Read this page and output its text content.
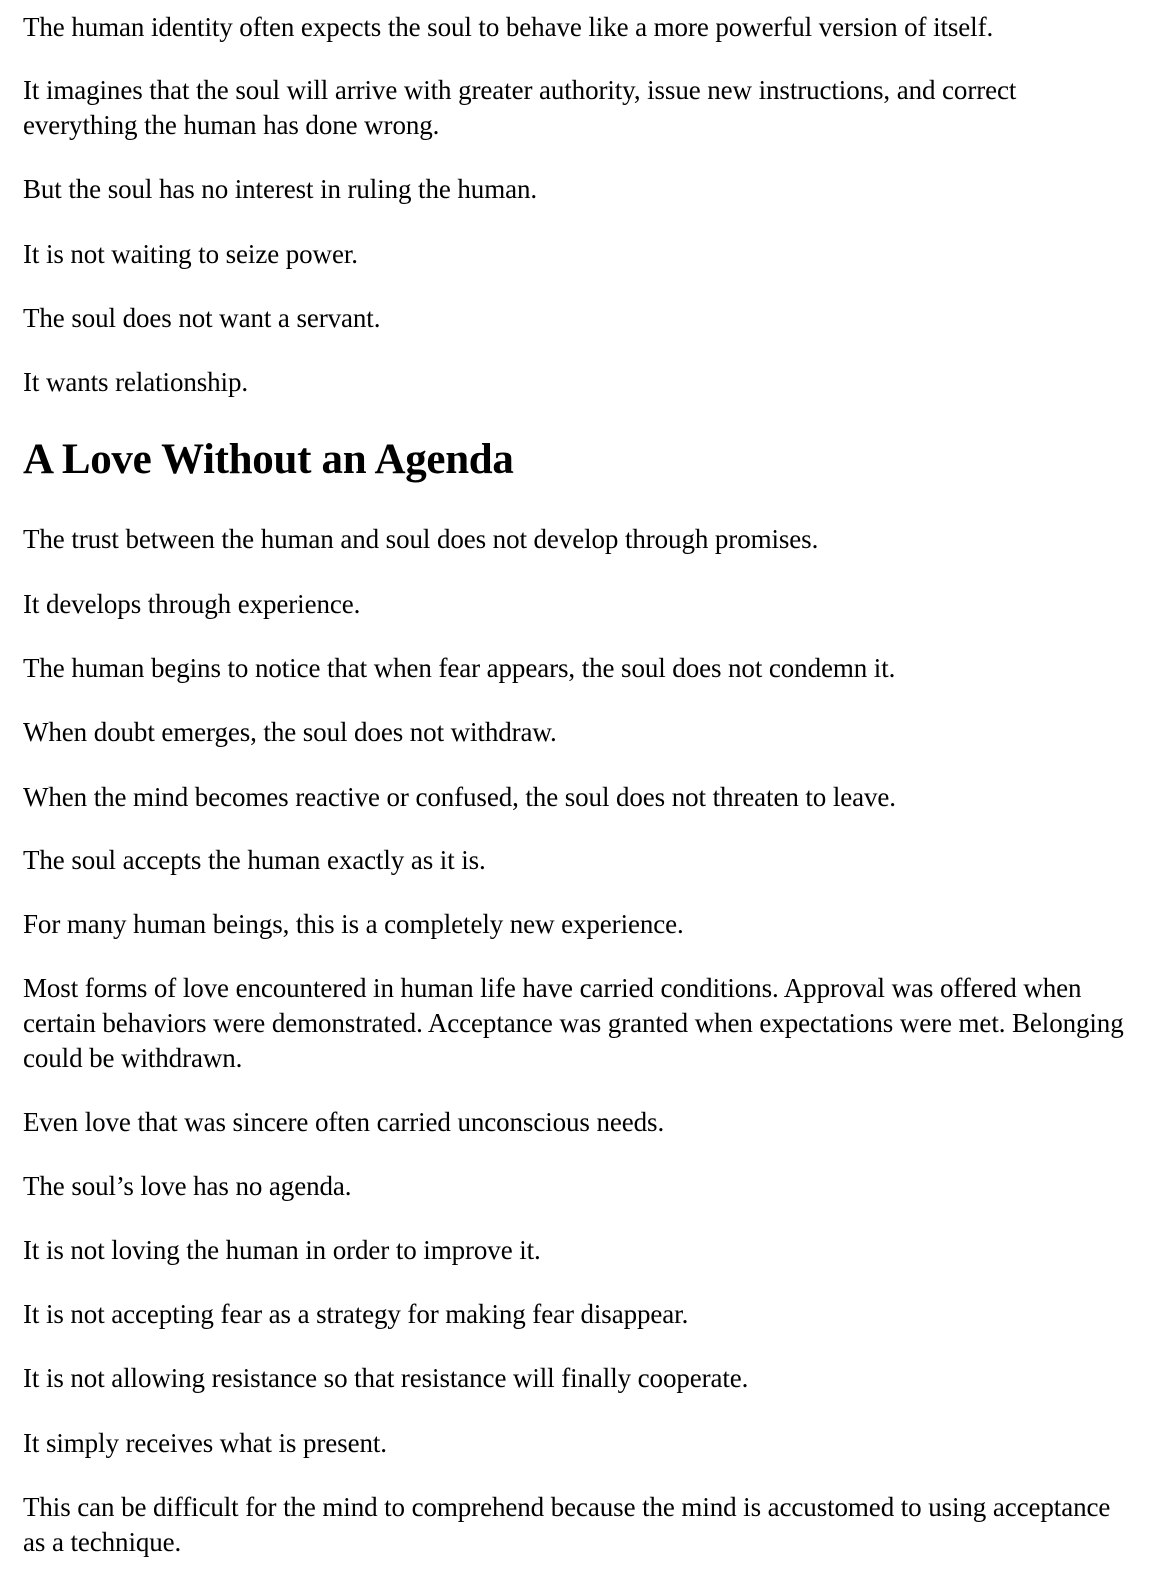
The human identity often expects the soul to behave like a more powerful version of itself.

It imagines that the soul will arrive with greater authority, issue new instructions, and correct everything the human has done wrong.

But the soul has no interest in ruling the human.

It is not waiting to seize power.

The soul does not want a servant.

It wants relationship.

A Love Without an Agenda

The trust between the human and soul does not develop through promises.

It develops through experience.

The human begins to notice that when fear appears, the soul does not condemn it.

When doubt emerges, the soul does not withdraw.

When the mind becomes reactive or confused, the soul does not threaten to leave.

The soul accepts the human exactly as it is.

For many human beings, this is a completely new experience.

Most forms of love encountered in human life have carried conditions. Approval was offered when certain behaviors were demonstrated. Acceptance was granted when expectations were met. Belonging could be withdrawn.

Even love that was sincere often carried unconscious needs.

The soul’s love has no agenda.

It is not loving the human in order to improve it.

It is not accepting fear as a strategy for making fear disappear.

It is not allowing resistance so that resistance will finally cooperate.

It simply receives what is present.

This can be difficult for the mind to comprehend because the mind is accustomed to using acceptance as a technique.
